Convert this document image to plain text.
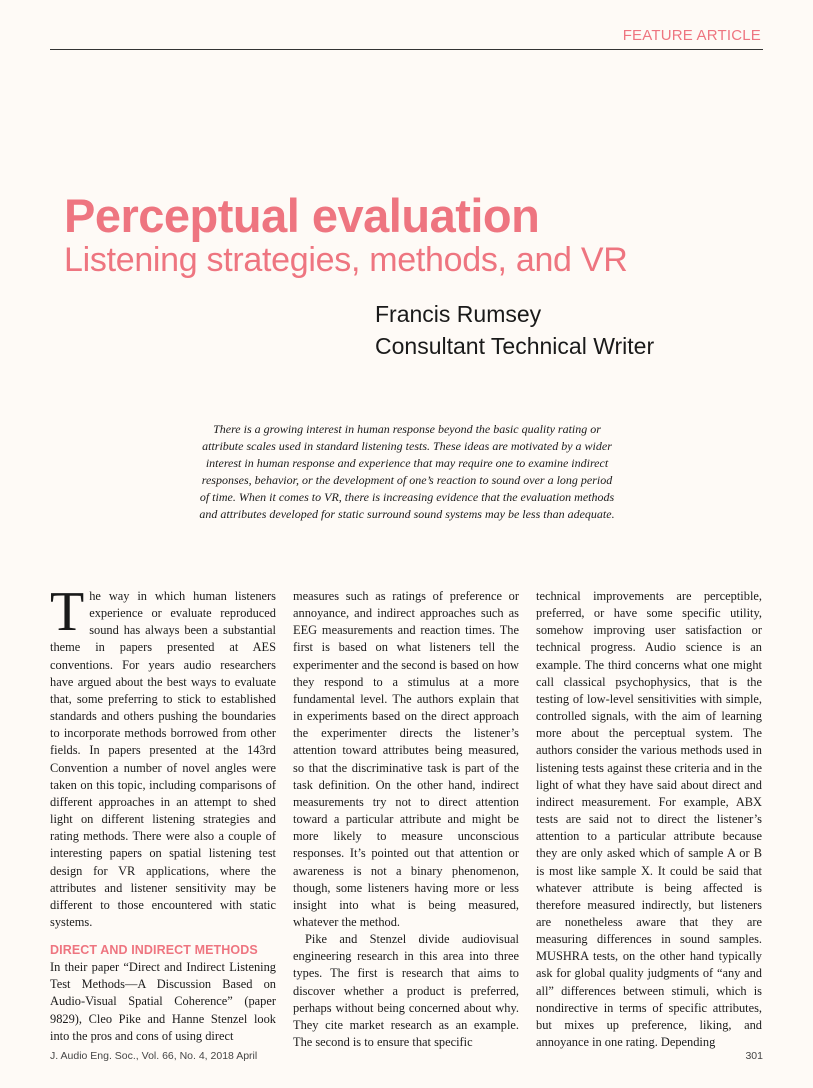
FEATURE ARTICLE
Perceptual evaluation
Listening strategies, methods, and VR
Francis Rumsey
Consultant Technical Writer

There is a growing interest in human response beyond the basic quality rating or attribute scales used in standard listening tests. These ideas are motivated by a wider interest in human response and experience that may require one to examine indirect responses, behavior, or the development of one’s reaction to sound over a long period of time. When it comes to VR, there is increasing evidence that the evaluation methods and attributes developed for static surround sound systems may be less than adequate.

The way in which human listeners experience or evaluate reproduced sound has always been a substantial theme in papers presented at AES conventions. For years audio researchers have argued about the best ways to evaluate that, some preferring to stick to established standards and others pushing the boundaries to incorporate methods borrowed from other fields. In papers presented at the 143rd Convention a number of novel angles were taken on this topic, including comparisons of different approaches in an attempt to shed light on different listening strategies and rating methods. There were also a couple of interesting papers on spatial listening test design for VR applications, where the attributes and listener sensitivity may be different to those encountered with static systems.

DIRECT AND INDIRECT METHODS

In their paper “Direct and Indirect Listening Test Methods—A Discussion Based on Audio-Visual Spatial Coherence” (paper 9829), Cleo Pike and Hanne Stenzel look into the pros and cons of using direct

measures such as ratings of preference or annoyance, and indirect approaches such as EEG measurements and reaction times. The first is based on what listeners tell the experimenter and the second is based on how they respond to a stimulus at a more fundamental level. The authors explain that in experiments based on the direct approach the experimenter directs the listener’s attention toward attributes being measured, so that the discriminative task is part of the task definition. On the other hand, indirect measurements try not to direct attention toward a particular attribute and might be more likely to measure unconscious responses. It’s pointed out that attention or awareness is not a binary phenomenon, though, some listeners having more or less insight into what is being measured, whatever the method.

Pike and Stenzel divide audiovisual engineering research in this area into three types. The first is research that aims to discover whether a product is preferred, perhaps without being concerned about why. They cite market research as an example. The second is to ensure that specific

technical improvements are perceptible, preferred, or have some specific utility, somehow improving user satisfaction or technical progress. Audio science is an example. The third concerns what one might call classical psychophysics, that is the testing of low-level sensitivities with simple, controlled signals, with the aim of learning more about the perceptual system. The authors consider the various methods used in listening tests against these criteria and in the light of what they have said about direct and indirect measurement. For example, ABX tests are said not to direct the listener’s attention to a particular attribute because they are only asked which of sample A or B is most like sample X. It could be said that whatever attribute is being affected is therefore measured indirectly, but listeners are nonetheless aware that they are measuring differences in sound samples. MUSHRA tests, on the other hand typically ask for global quality judgments of “any and all” differences between stimuli, which is nondirective in terms of specific attributes, but mixes up preference, liking, and annoyance in one rating. Depending

J. Audio Eng. Soc., Vol. 66, No. 4, 2018 April	301
